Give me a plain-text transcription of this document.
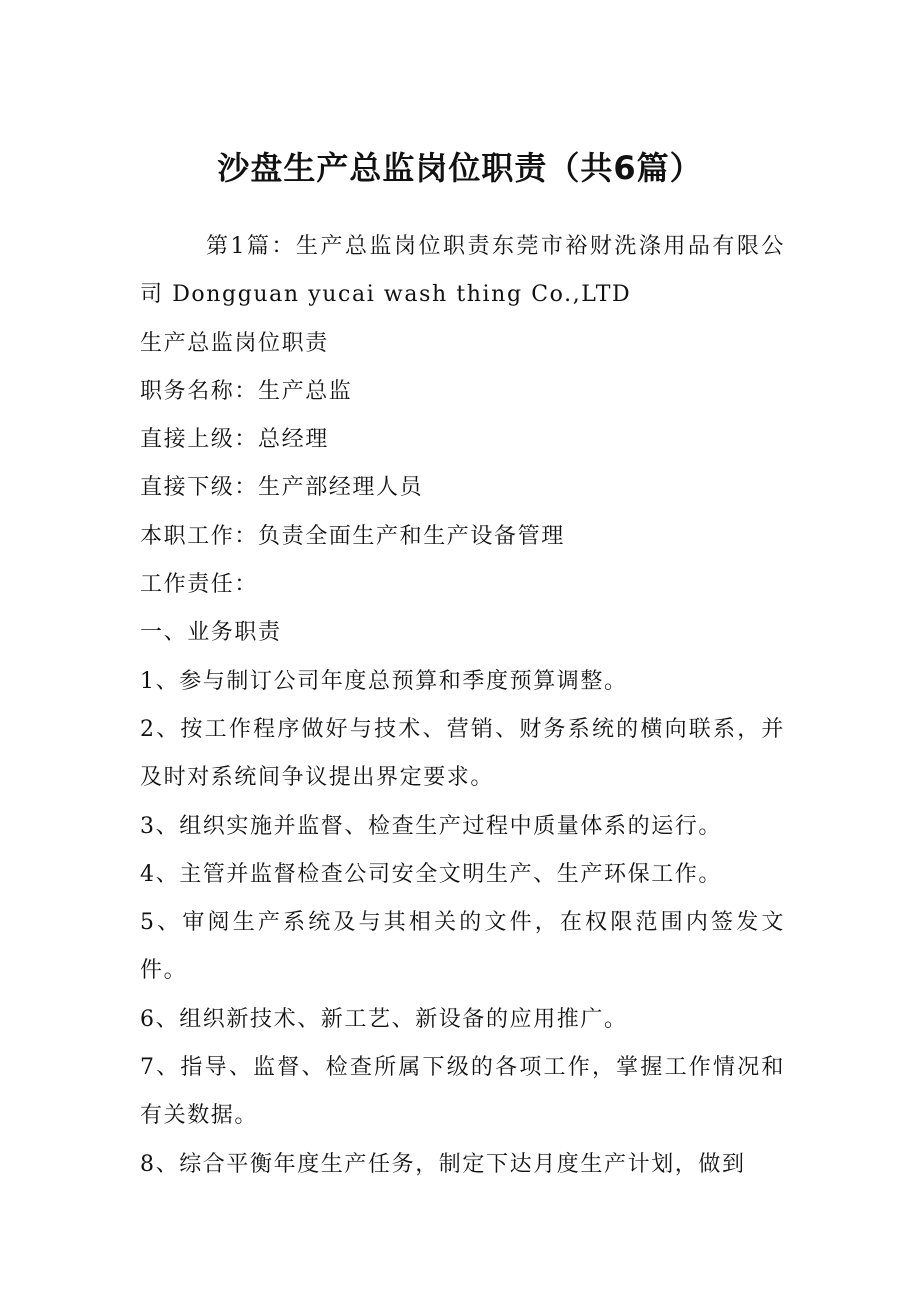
沙盘生产总监岗位职责（共6篇）

第1篇：生产总监岗位职责东莞市裕财洗涤用品有限公司 Dongguan yucai wash thing Co.,LTD

生产总监岗位职责

职务名称：生产总监

直接上级：总经理

直接下级：生产部经理人员

本职工作：负责全面生产和生产设备管理

工作责任：

一、业务职责

1、参与制订公司年度总预算和季度预算调整。

2、按工作程序做好与技术、营销、财务系统的横向联系，并及时对系统间争议提出界定要求。

3、组织实施并监督、检查生产过程中质量体系的运行。

4、主管并监督检查公司安全文明生产、生产环保工作。

5、审阅生产系统及与其相关的文件，在权限范围内签发文件。

6、组织新技术、新工艺、新设备的应用推广。

7、指导、监督、检查所属下级的各项工作，掌握工作情况和有关数据。

8、综合平衡年度生产任务，制定下达月度生产计划，做到
